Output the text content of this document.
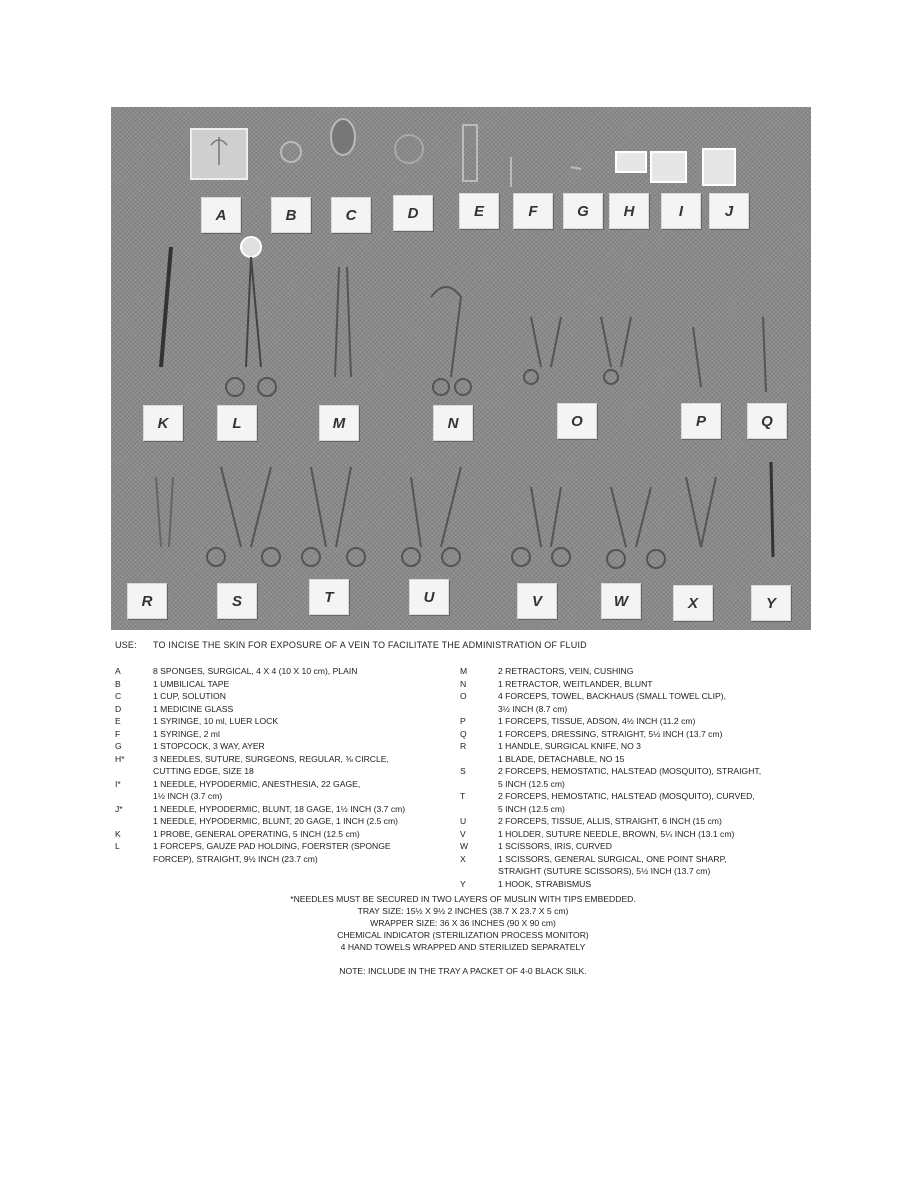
A	B	C	D	E	F	G	H	I	J
K	L	M	N	O	P	Q
R	S	T	U	V	W	X	Y
USE: TO INCISE THE SKIN FOR EXPOSURE OF A VEIN TO FACILITATE THE ADMINISTRATION OF FLUID
A	8 SPONGES, SURGICAL, 4 X 4 (10 X 10 cm), PLAIN
B	1 UMBILICAL TAPE
C	1 CUP, SOLUTION
D	1 MEDICINE GLASS
E	1 SYRINGE, 10 ml, LUER LOCK
F	1 SYRINGE, 2 ml
G	1 STOPCOCK, 3 WAY, AYER
H*	3 NEEDLES, SUTURE, SURGEONS, REGULAR, ⅜ CIRCLE,
CUTTING EDGE, SIZE 18
I*	1 NEEDLE, HYPODERMIC, ANESTHESIA, 22 GAGE,
1½ INCH (3.7 cm)
J*	1 NEEDLE, HYPODERMIC, BLUNT, 18 GAGE, 1½ INCH (3.7 cm)
1 NEEDLE, HYPODERMIC, BLUNT, 20 GAGE, 1 INCH (2.5 cm)
K	1 PROBE, GENERAL OPERATING, 5 INCH (12.5 cm)
L	1 FORCEPS, GAUZE PAD HOLDING, FOERSTER (SPONGE
FORCEP), STRAIGHT, 9½ INCH (23.7 cm)
M	2 RETRACTORS, VEIN, CUSHING
N	1 RETRACTOR, WEITLANDER, BLUNT
O	4 FORCEPS, TOWEL, BACKHAUS (SMALL TOWEL CLIP),
3½ INCH (8.7 cm)
P	1 FORCEPS, TISSUE, ADSON, 4½ INCH (11.2 cm)
Q	1 FORCEPS, DRESSING, STRAIGHT, 5½ INCH (13.7 cm)
R	1 HANDLE, SURGICAL KNIFE, NO 3
1 BLADE, DETACHABLE, NO 15
S	2 FORCEPS, HEMOSTATIC, HALSTEAD (MOSQUITO), STRAIGHT,
5 INCH (12.5 cm)
T	2 FORCEPS, HEMOSTATIC, HALSTEAD (MOSQUITO), CURVED,
5 INCH (12.5 cm)
U	2 FORCEPS, TISSUE, ALLIS, STRAIGHT, 6 INCH (15 cm)
V	1 HOLDER, SUTURE NEEDLE, BROWN, 5¼ INCH (13.1 cm)
W	1 SCISSORS, IRIS, CURVED
X	1 SCISSORS, GENERAL SURGICAL, ONE POINT SHARP,
STRAIGHT (SUTURE SCISSORS), 5½ INCH (13.7 cm)
Y	1 HOOK, STRABISMUS
*NEEDLES MUST BE SECURED IN TWO LAYERS OF MUSLIN WITH TIPS EMBEDDED.
TRAY SIZE: 15½ X 9½ 2 INCHES (38.7 X 23.7 X 5 cm)
WRAPPER SIZE: 36 X 36 INCHES (90 X 90 cm)
CHEMICAL INDICATOR (STERILIZATION PROCESS MONITOR)
4 HAND TOWELS WRAPPED AND STERILIZED SEPARATELY
NOTE: INCLUDE IN THE TRAY A PACKET OF 4-0 BLACK SILK.
